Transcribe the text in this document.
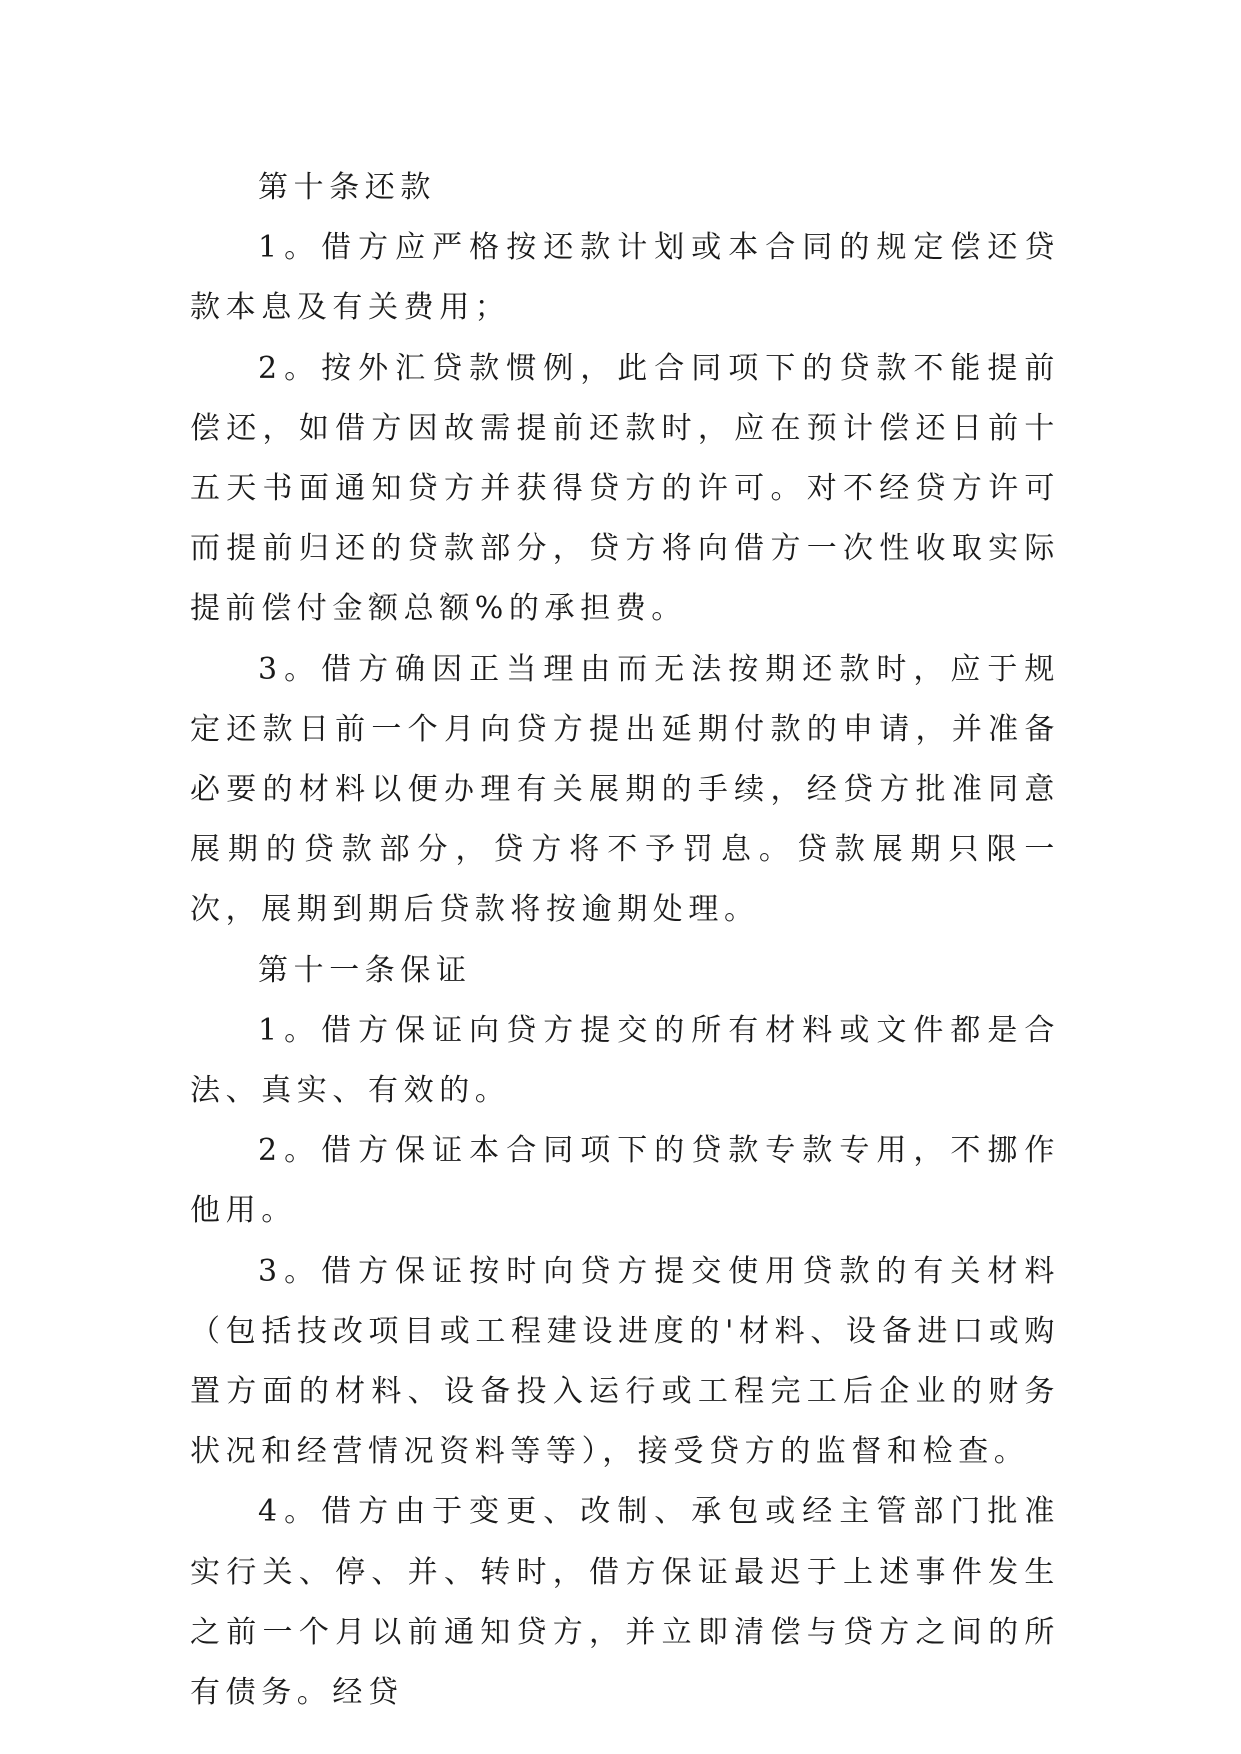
第十条还款

1。借方应严格按还款计划或本合同的规定偿还贷款本息及有关费用；

2。按外汇贷款惯例，此合同项下的贷款不能提前偿还，如借方因故需提前还款时，应在预计偿还日前十五天书面通知贷方并获得贷方的许可。对不经贷方许可而提前归还的贷款部分，贷方将向借方一次性收取实际提前偿付金额总额%的承担费。

3。借方确因正当理由而无法按期还款时，应于规定还款日前一个月向贷方提出延期付款的申请，并准备必要的材料以便办理有关展期的手续，经贷方批准同意展期的贷款部分，贷方将不予罚息。贷款展期只限一次，展期到期后贷款将按逾期处理。

第十一条保证

1。借方保证向贷方提交的所有材料或文件都是合法、真实、有效的。

2。借方保证本合同项下的贷款专款专用，不挪作他用。

3。借方保证按时向贷方提交使用贷款的有关材料（包括技改项目或工程建设进度的'材料、设备进口或购置方面的材料、设备投入运行或工程完工后企业的财务状况和经营情况资料等等），接受贷方的监督和检查。

4。借方由于变更、改制、承包或经主管部门批准实行关、停、并、转时，借方保证最迟于上述事件发生之前一个月以前通知贷方，并立即清偿与贷方之间的所有债务。经贷
